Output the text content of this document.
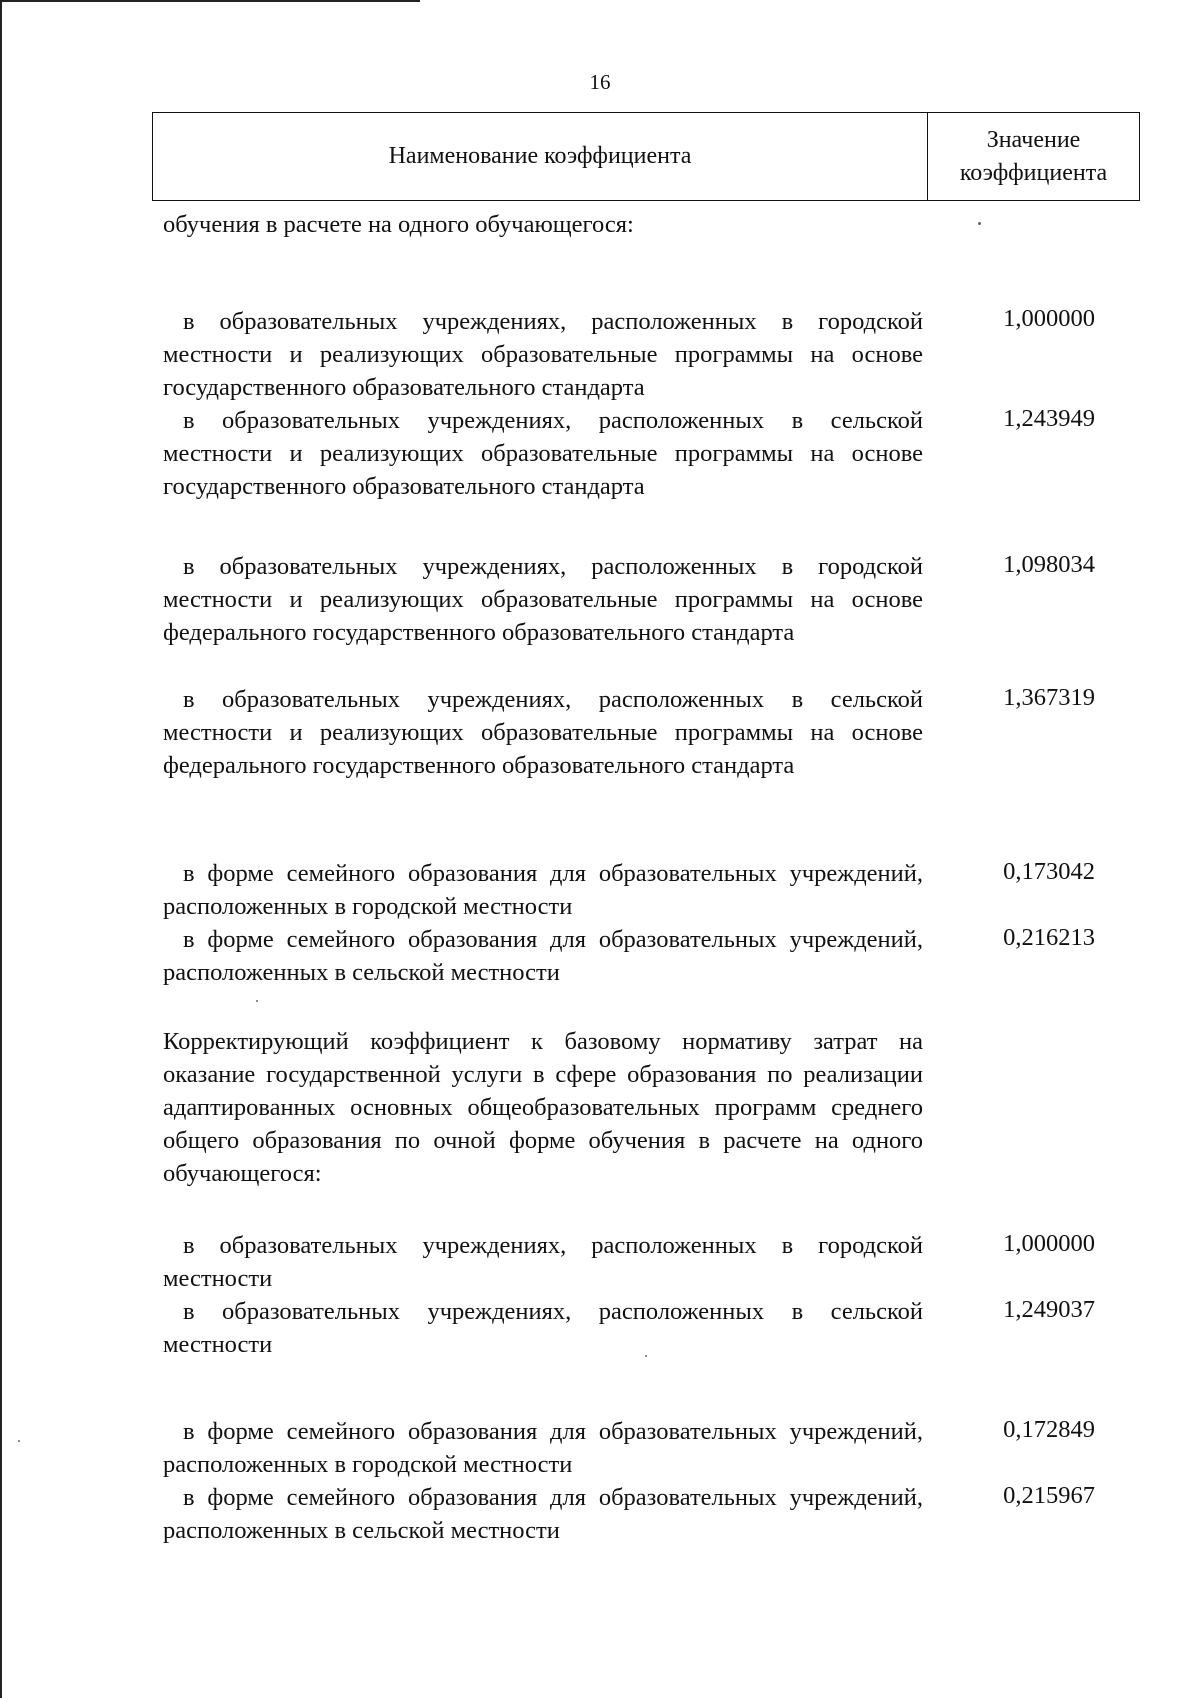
16
Наименование коэффициента
Значение коэффициента
обучения в расчете на одного обучающегося:
в образовательных учреждениях, расположенных в городской местности и реализующих образовательные программы на основе государственного образовательного стандарта
1,000000
в образовательных учреждениях, расположенных в сельской местности и реализующих образовательные программы на основе государственного образовательного стандарта
1,243949
в образовательных учреждениях, расположенных в городской местности и реализующих образовательные программы на основе федерального государственного образовательного стандарта
1,098034
в образовательных учреждениях, расположенных в сельской местности и реализующих образовательные программы на основе федерального государственного образовательного стандарта
1,367319
в форме семейного образования для образовательных учреждений, расположенных в городской местности
0,173042
в форме семейного образования для образовательных учреждений, расположенных в сельской местности
0,216213
Корректирующий коэффициент к базовому нормативу затрат на оказание государственной услуги в сфере образования по реализации адаптированных основных общеобразовательных программ среднего общего образования по очной форме обучения в расчете на одного обучающегося:
в образовательных учреждениях, расположенных в городской местности
1,000000
в образовательных учреждениях, расположенных в сельской местности
1,249037
в форме семейного образования для образовательных учреждений, расположенных в городской местности
0,172849
в форме семейного образования для образовательных учреждений, расположенных в сельской местности
0,215967
